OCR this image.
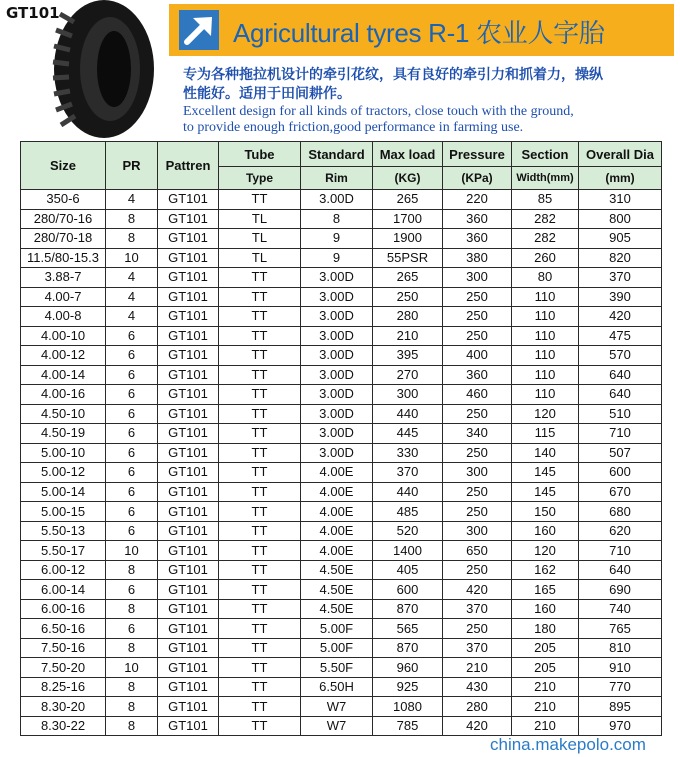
GT101
Agricultural tyres R-1 农业人字胎
专为各种拖拉机设计的牵引花纹，具有良好的牵引力和抓着力，操纵性能好。适用于田间耕作。
Excellent design for all kinds of tractors, close touch with the ground,
to provide enough friction,good performance in farming use.
Size	PR	Pattren	Tube	Standard	Max load	Pressure	Section	Overall Dia
			Type	Rim	(KG)	(KPa)	Width(mm)	(mm)
350-6	4	GT101	TT	3.00D	265	220	85	310
280/70-16	8	GT101	TL	8	1700	360	282	800
280/70-18	8	GT101	TL	9	1900	360	282	905
11.5/80-15.3	10	GT101	TL	9	55PSR	380	260	820
3.88-7	4	GT101	TT	3.00D	265	300	80	370
4.00-7	4	GT101	TT	3.00D	250	250	110	390
4.00-8	4	GT101	TT	3.00D	280	250	110	420
4.00-10	6	GT101	TT	3.00D	210	250	110	475
4.00-12	6	GT101	TT	3.00D	395	400	110	570
4.00-14	6	GT101	TT	3.00D	270	360	110	640
4.00-16	6	GT101	TT	3.00D	300	460	110	640
4.50-10	6	GT101	TT	3.00D	440	250	120	510
4.50-19	6	GT101	TT	3.00D	445	340	115	710
5.00-10	6	GT101	TT	3.00D	330	250	140	507
5.00-12	6	GT101	TT	4.00E	370	300	145	600
5.00-14	6	GT101	TT	4.00E	440	250	145	670
5.00-15	6	GT101	TT	4.00E	485	250	150	680
5.50-13	6	GT101	TT	4.00E	520	300	160	620
5.50-17	10	GT101	TT	4.00E	1400	650	120	710
6.00-12	8	GT101	TT	4.50E	405	250	162	640
6.00-14	6	GT101	TT	4.50E	600	420	165	690
6.00-16	8	GT101	TT	4.50E	870	370	160	740
6.50-16	6	GT101	TT	5.00F	565	250	180	765
7.50-16	8	GT101	TT	5.00F	870	370	205	810
7.50-20	10	GT101	TT	5.50F	960	210	205	910
8.25-16	8	GT101	TT	6.50H	925	430	210	770
8.30-20	8	GT101	TT	W7	1080	280	210	895
8.30-22	8	GT101	TT	W7	785	420	210	970
china.makepolo.com
